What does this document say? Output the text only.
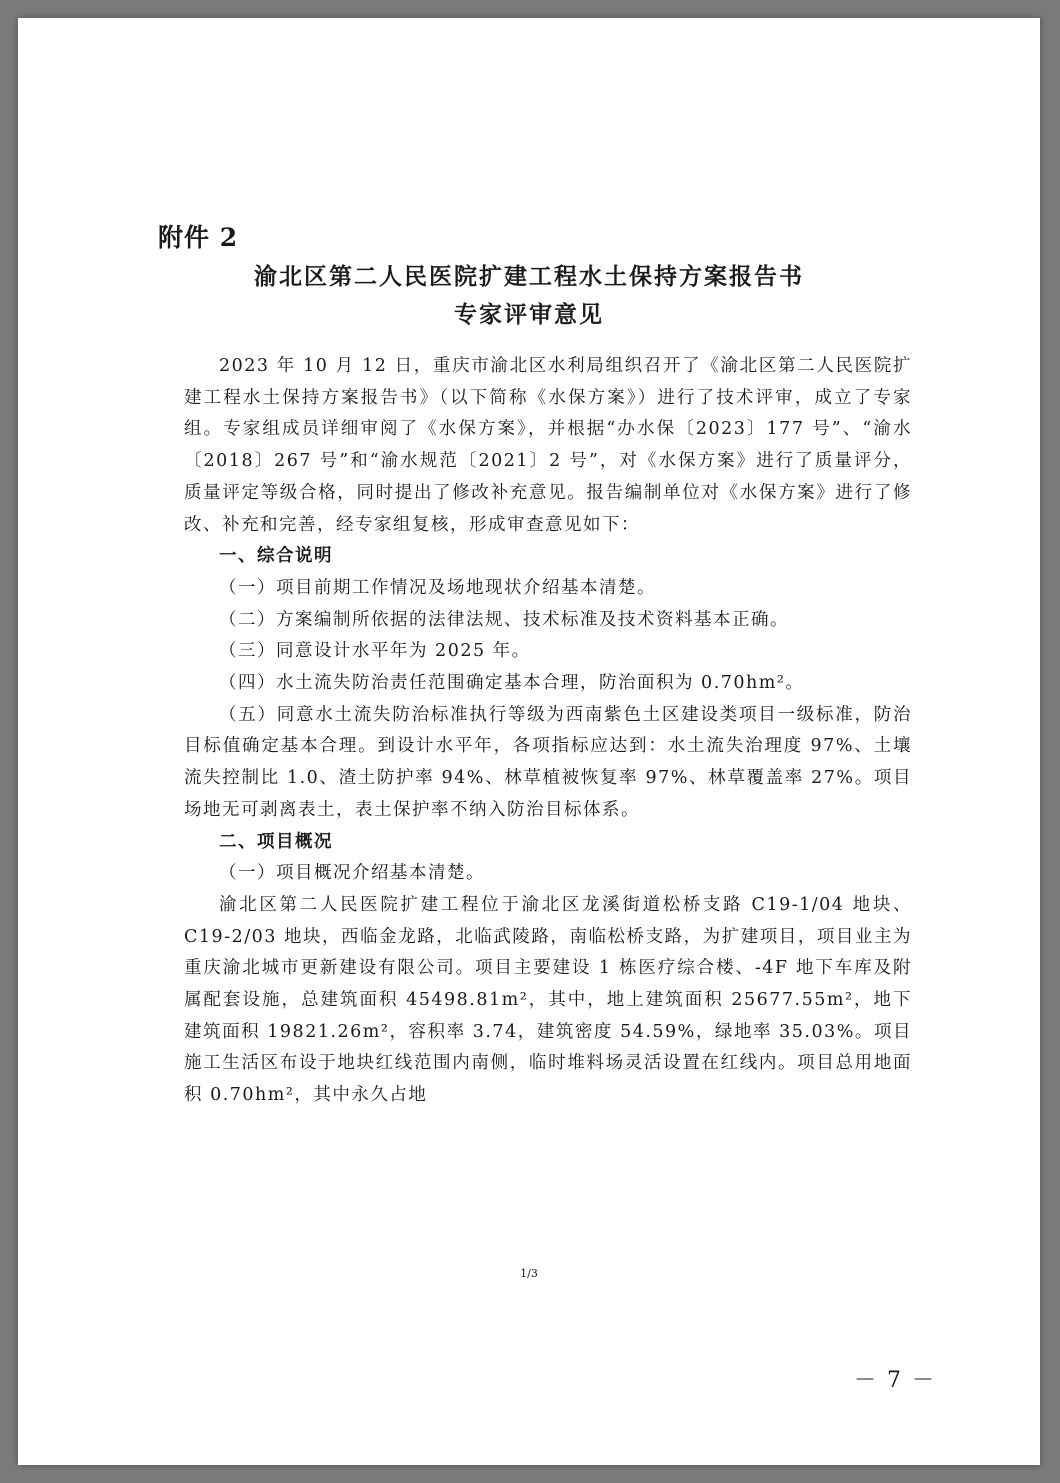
附件 2
渝北区第二人民医院扩建工程水土保持方案报告书
专家评审意见

2023 年 10 月 12 日，重庆市渝北区水利局组织召开了《渝北区第二人民医院扩建工程水土保持方案报告书》（以下简称《水保方案》）进行了技术评审，成立了专家组。专家组成员详细审阅了《水保方案》，并根据“办水保〔2023〕177 号”、“渝水〔2018〕267 号”和“渝水规范〔2021〕2 号”，对《水保方案》进行了质量评分，质量评定等级合格，同时提出了修改补充意见。报告编制单位对《水保方案》进行了修改、补充和完善，经专家组复核，形成审查意见如下：

一、综合说明

（一）项目前期工作情况及场地现状介绍基本清楚。

（二）方案编制所依据的法律法规、技术标准及技术资料基本正确。

（三）同意设计水平年为 2025 年。

（四）水土流失防治责任范围确定基本合理，防治面积为 0.70hm²。

（五）同意水土流失防治标准执行等级为西南紫色土区建设类项目一级标准，防治目标值确定基本合理。到设计水平年，各项指标应达到：水土流失治理度 97%、土壤流失控制比 1.0、渣土防护率 94%、林草植被恢复率 97%、林草覆盖率 27%。项目场地无可剥离表土，表土保护率不纳入防治目标体系。

二、项目概况

（一）项目概况介绍基本清楚。

渝北区第二人民医院扩建工程位于渝北区龙溪街道松桥支路 C19-1/04 地块、C19-2/03 地块，西临金龙路，北临武陵路，南临松桥支路，为扩建项目，项目业主为重庆渝北城市更新建设有限公司。项目主要建设 1 栋医疗综合楼、-4F 地下车库及附属配套设施，总建筑面积 45498.81m²，其中，地上建筑面积 25677.55m²，地下建筑面积 19821.26m²，容积率 3.74，建筑密度 54.59%，绿地率 35.03%。项目施工生活区布设于地块红线范围内南侧，临时堆料场灵活设置在红线内。项目总用地面积 0.70hm²，其中永久占地

1/3
－ 7 －
